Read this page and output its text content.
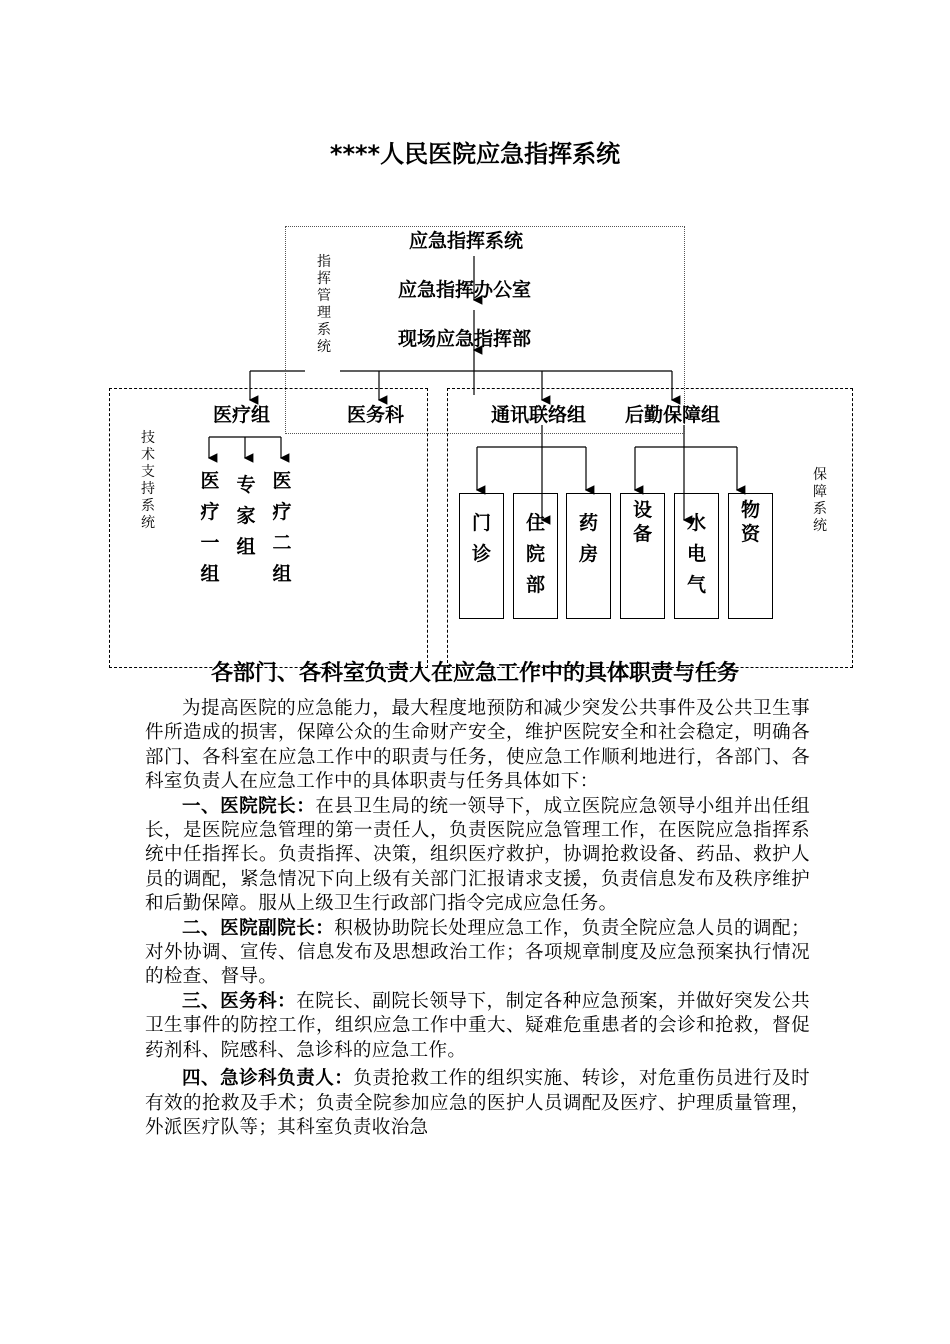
****人民医院应急指挥系统
指挥管理系统
技术支持系统
保障系统
应急指挥系统
应急指挥办公室
现场应急指挥部
医疗组	医务科	通讯联络组 后勤保障组
医疗一组
专家组
医疗二组
门诊
住院部
药房
设备	水电气
物资
各部门、各科室负责人在应急工作中的具体职责与任务

为提高医院的应急能力，最大程度地预防和减少突发公共事件及公共卫生事件所造成的损害，保障公众的生命财产安全，维护医院安全和社会稳定，明确各部门、各科室在应急工作中的职责与任务，使应急工作顺利地进行，各部门、各科室负责人在应急工作中的具体职责与任务具体如下：

一、医院院长：在县卫生局的统一领导下，成立医院应急领导小组并出任组长，是医院应急管理的第一责任人，负责医院应急管理工作，在医院应急指挥系统中任指挥长。负责指挥、决策，组织医疗救护，协调抢救设备、药品、救护人员的调配，紧急情况下向上级有关部门汇报请求支援，负责信息发布及秩序维护和后勤保障。服从上级卫生行政部门指令完成应急任务。

二、医院副院长：积极协助院长处理应急工作，负责全院应急人员的调配；对外协调、宣传、信息发布及思想政治工作；各项规章制度及应急预案执行情况的检查、督导。

三、医务科：在院长、副院长领导下，制定各种应急预案，并做好突发公共卫生事件的防控工作，组织应急工作中重大、疑难危重患者的会诊和抢救，督促药剂科、院感科、急诊科的应急工作。

四、急诊科负责人：负责抢救工作的组织实施、转诊，对危重伤员进行及时有效的抢救及手术；负责全院参加应急的医护人员调配及医疗、护理质量管理，外派医疗队等；其科室负责收治急
